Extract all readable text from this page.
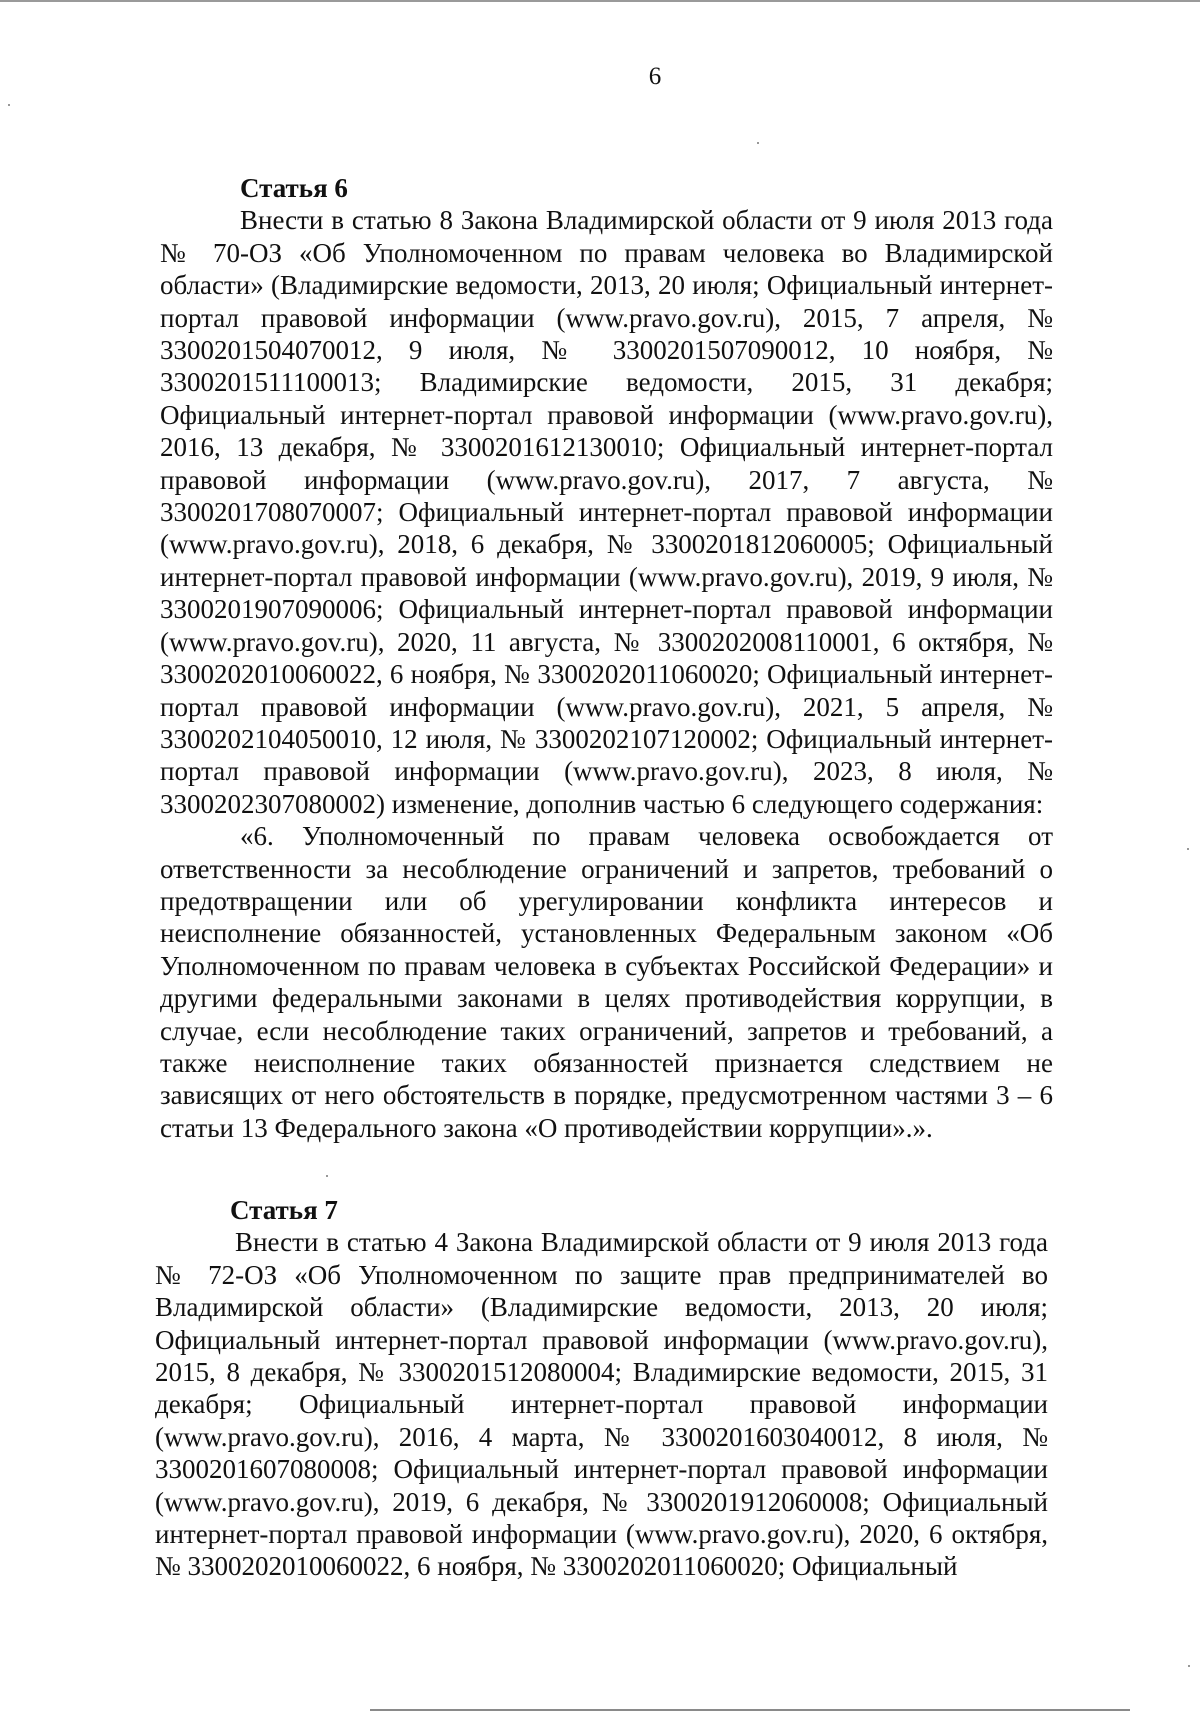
6
Статья 6

Внести в статью 8 Закона Владимирской области от 9 июля 2013 года № 70-ОЗ «Об Уполномоченном по правам человека во Владимирской области» (Владимирские ведомости, 2013, 20 июля; Официальный интернет-портал правовой информации (www.pravo.gov.ru), 2015, 7 апреля, № 3300201504070012, 9 июля, № 3300201507090012, 10 ноября, № 3300201511100013; Владимирские ведомости, 2015, 31 декабря; Официальный интернет-портал правовой информации (www.pravo.gov.ru), 2016, 13 декабря, № 3300201612130010; Официальный интернет-портал правовой информации (www.pravo.gov.ru), 2017, 7 августа, № 3300201708070007; Официальный интернет-портал правовой информации (www.pravo.gov.ru), 2018, 6 декабря, № 3300201812060005; Официальный интернет-портал правовой информации (www.pravo.gov.ru), 2019, 9 июля, № 3300201907090006; Официальный интернет-портал правовой информации (www.pravo.gov.ru), 2020, 11 августа, № 3300202008110001, 6 октября, № 3300202010060022, 6 ноября, № 3300202011060020; Официальный интернет-портал правовой информации (www.pravo.gov.ru), 2021, 5 апреля, № 3300202104050010, 12 июля, № 3300202107120002; Официальный интернет-портал правовой информации (www.pravo.gov.ru), 2023, 8 июля, № 3300202307080002) изменение, дополнив частью 6 следующего содержания:

«6. Уполномоченный по правам человека освобождается от ответственности за несоблюдение ограничений и запретов, требований о предотвращении или об урегулировании конфликта интересов и неисполнение обязанностей, установленных Федеральным законом «Об Уполномоченном по правам человека в субъектах Российской Федерации» и другими федеральными законами в целях противодействия коррупции, в случае, если несоблюдение таких ограничений, запретов и требований, а также неисполнение таких обязанностей признается следствием не зависящих от него обстоятельств в порядке, предусмотренном частями 3 – 6 статьи 13 Федерального закона «О противодействии коррупции».».

Статья 7

Внести в статью 4 Закона Владимирской области от 9 июля 2013 года № 72-ОЗ «Об Уполномоченном по защите прав предпринимателей во Владимирской области» (Владимирские ведомости, 2013, 20 июля; Официальный интернет-портал правовой информации (www.pravo.gov.ru), 2015, 8 декабря, № 3300201512080004; Владимирские ведомости, 2015, 31 декабря; Официальный интернет-портал правовой информации (www.pravo.gov.ru), 2016, 4 марта, № 3300201603040012, 8 июля, № 3300201607080008; Официальный интернет-портал правовой информации (www.pravo.gov.ru), 2019, 6 декабря, № 3300201912060008; Официальный интернет-портал правовой информации (www.pravo.gov.ru), 2020, 6 октября, № 3300202010060022, 6 ноября, № 3300202011060020; Официальный
